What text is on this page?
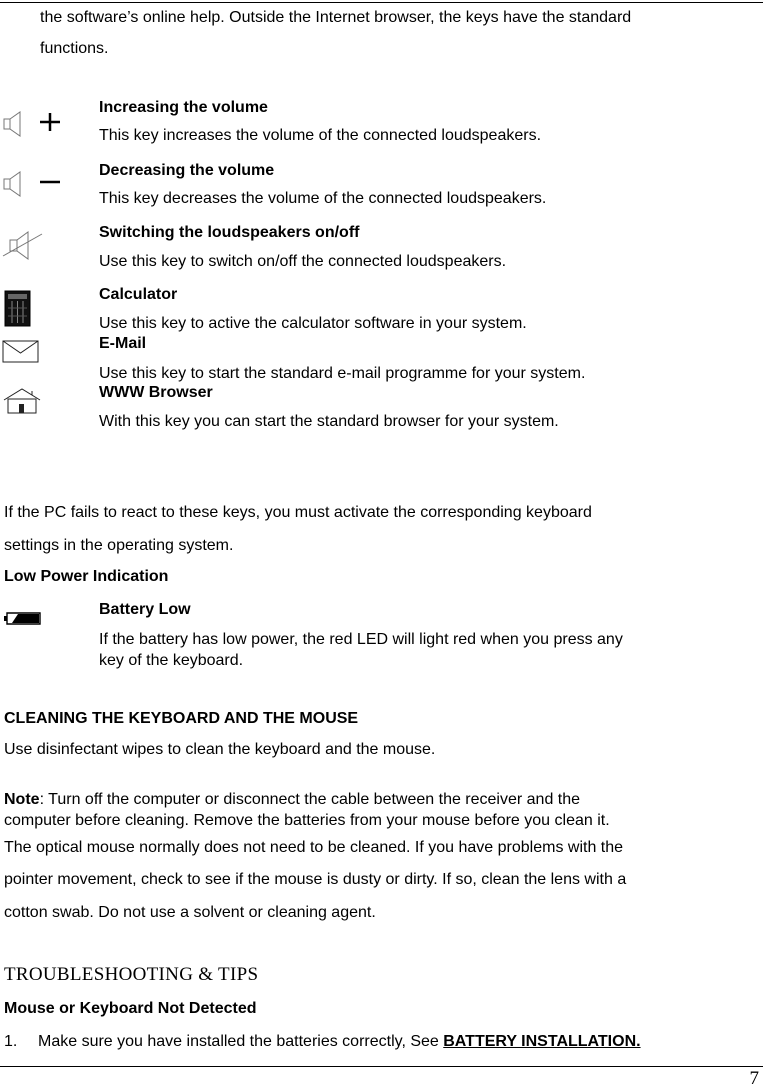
the software’s online help. Outside the Internet browser, the keys have the standard
functions.
Increasing the volume
This key increases the volume of the connected loudspeakers.
Decreasing the volume
This key decreases the volume of the connected loudspeakers.
Switching the loudspeakers on/off
Use this key to switch on/off the connected loudspeakers.
Calculator
Use this key to active the calculator software in your system.
E-Mail
Use this key to start the standard e-mail programme for your system.
WWW Browser
With this key you can start the standard browser for your system.
If the PC fails to react to these keys, you must activate the corresponding keyboard
settings in the operating system.
Low Power Indication
Battery Low
If the battery has low power, the red LED will light red when you press any
key of the keyboard.
CLEANING THE KEYBOARD AND THE MOUSE
Use disinfectant wipes to clean the keyboard and the mouse.
Note: Turn off the computer or disconnect the cable between the receiver and the
computer before cleaning. Remove the batteries from your mouse before you clean it.
The optical mouse normally does not need to be cleaned. If you have problems with the
pointer movement, check to see if the mouse is dusty or dirty. If so, clean the lens with a
cotton swab. Do not use a solvent or cleaning agent.
TROUBLESHOOTING & TIPS
Mouse or Keyboard Not Detected
1. Make sure you have installed the batteries correctly, See BATTERY INSTALLATION.
7
